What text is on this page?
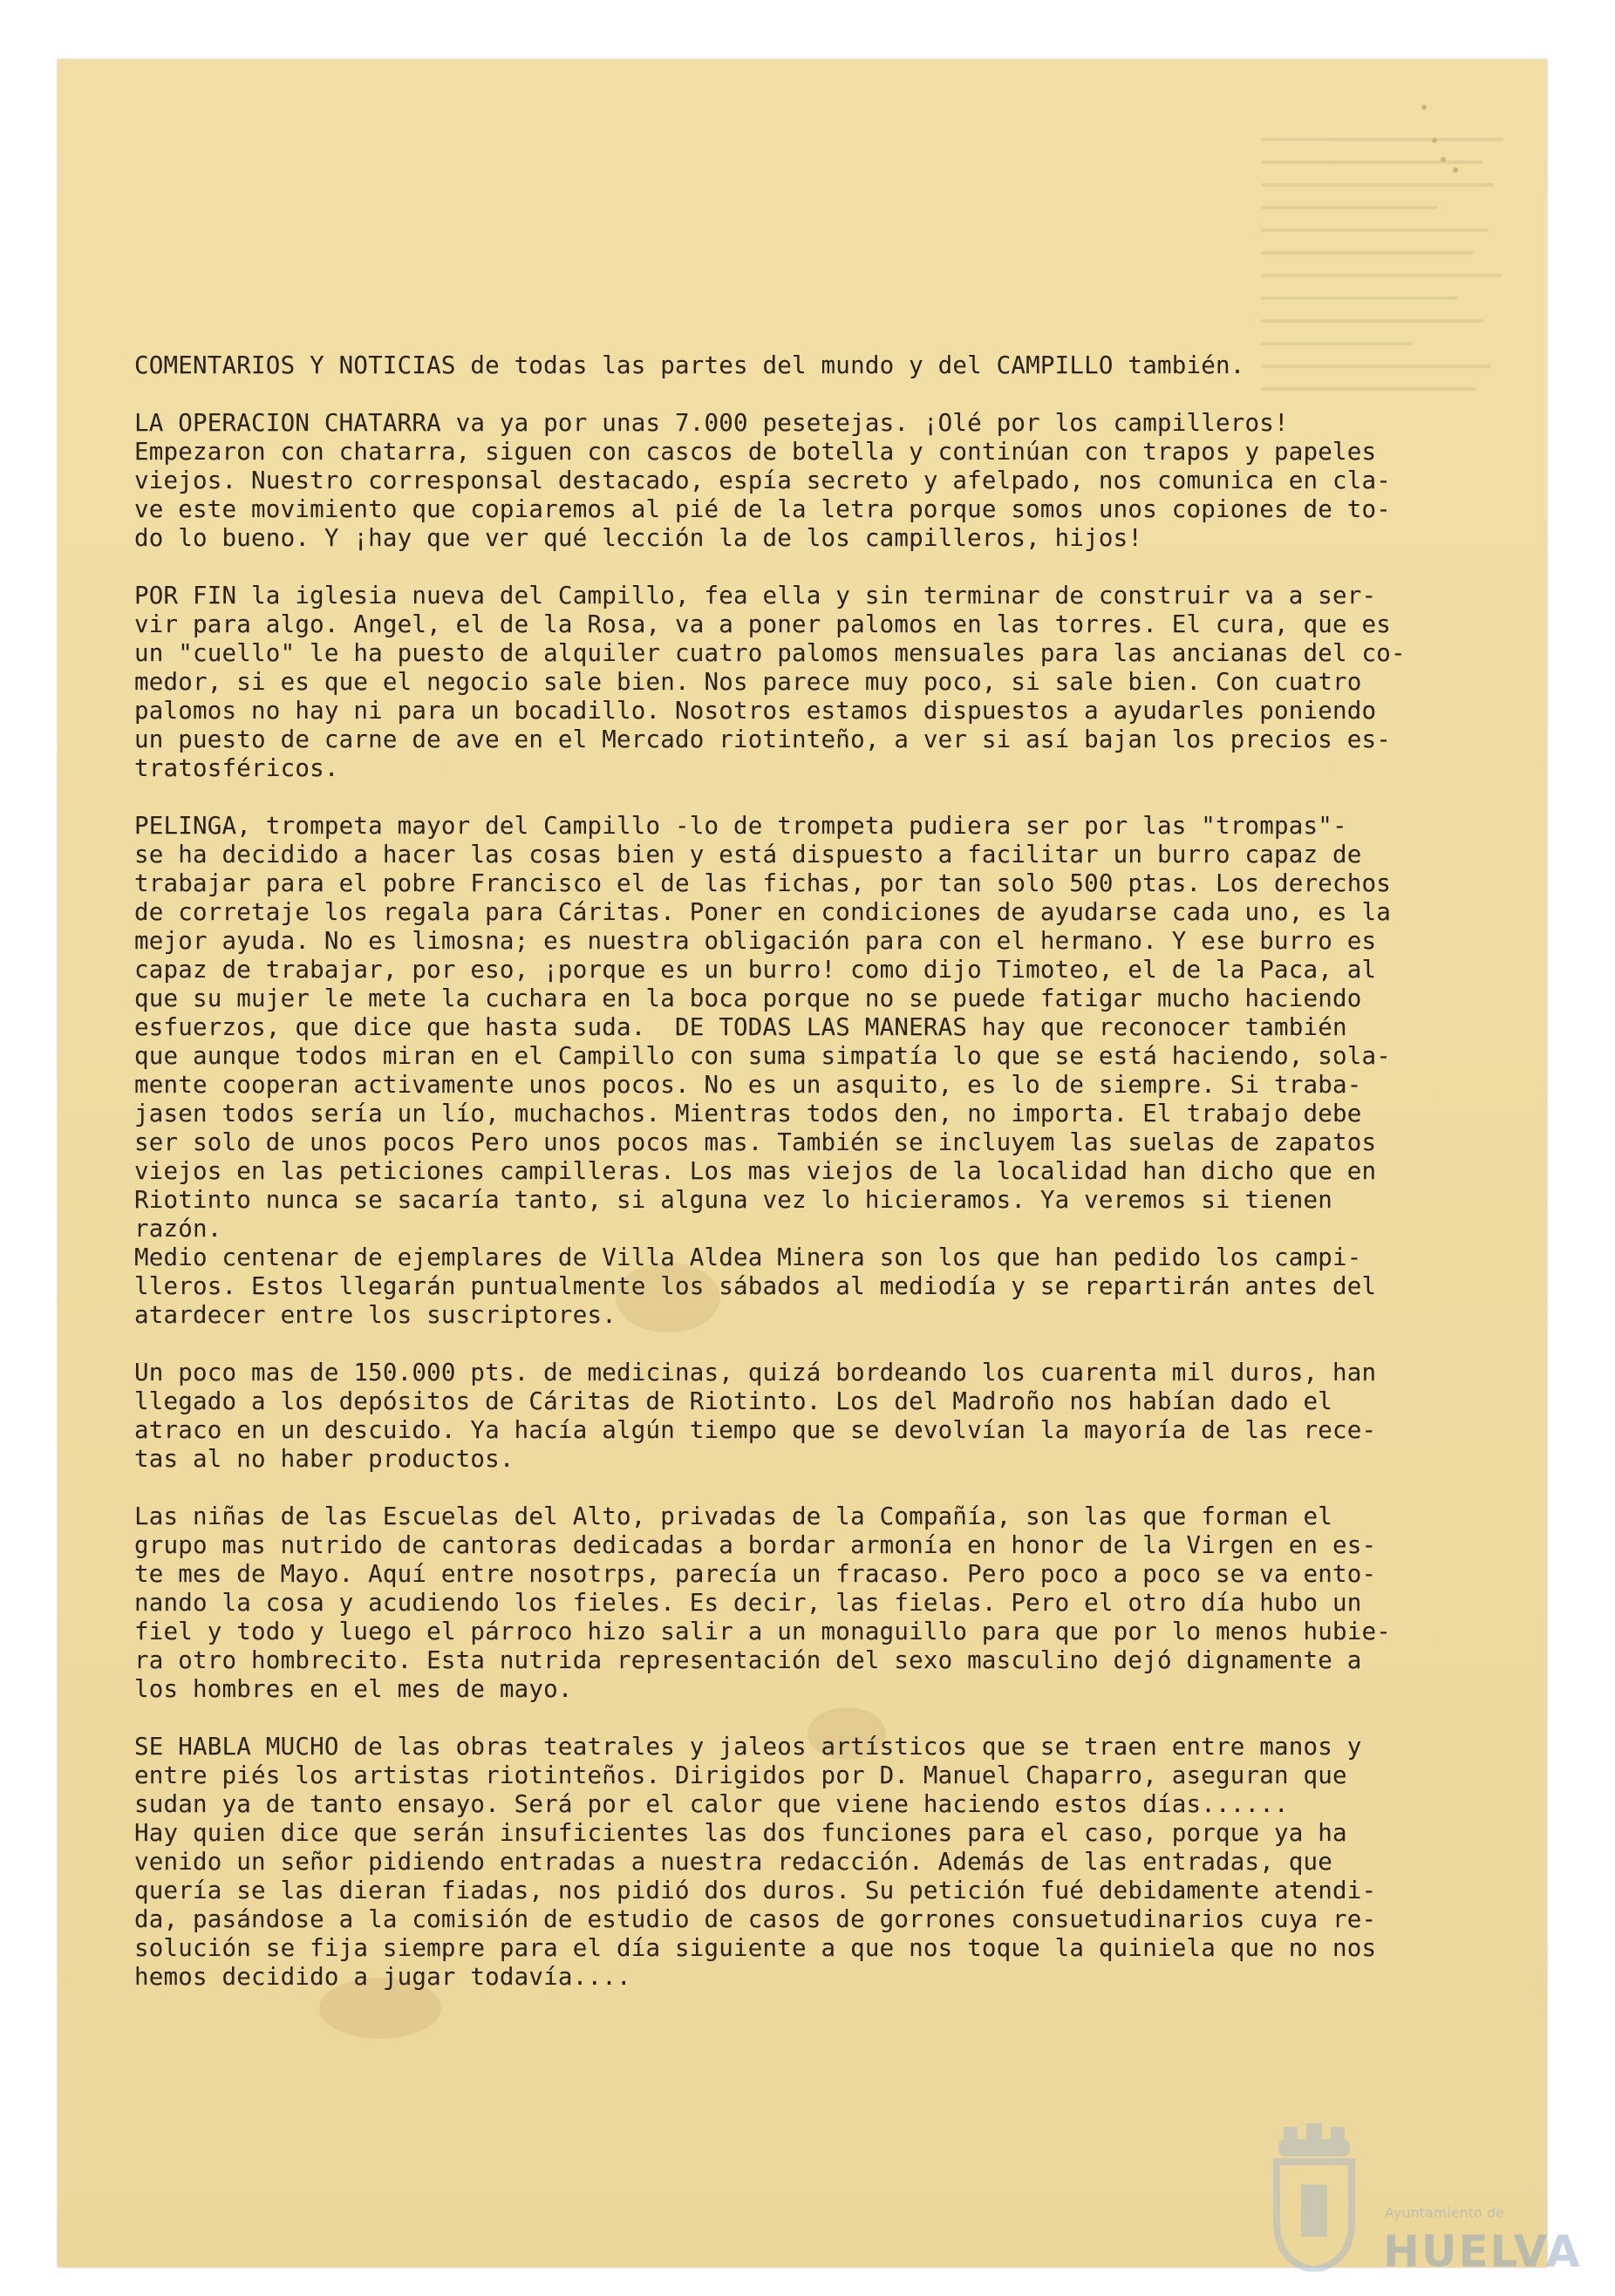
COMENTARIOS Y NOTICIAS de todas las partes del mundo y del CAMPILLO también.
LA OPERACION CHATARRA va ya por unas 7.000 pesetejas. ¡Olé por los campilleros!
Empezaron con chatarra, siguen con cascos de botella y continúan con trapos y papeles
viejos. Nuestro corresponsal destacado, espía secreto y afelpado, nos comunica en cla-
ve este movimiento que copiaremos al pié de la letra porque somos unos copiones de to-
do lo bueno. Y ¡hay que ver qué lección la de los campilleros, hijos!
POR FIN la iglesia nueva del Campillo, fea ella y sin terminar de construir va a ser-
vir para algo. Angel, el de la Rosa, va a poner palomos en las torres. El cura, que es
un "cuello" le ha puesto de alquiler cuatro palomos mensuales para las ancianas del co-
medor, si es que el negocio sale bien. Nos parece muy poco, si sale bien. Con cuatro
palomos no hay ni para un bocadillo. Nosotros estamos dispuestos a ayudarles poniendo
un puesto de carne de ave en el Mercado riotinteño, a ver si así bajan los precios es-
tratosféricos.
PELINGA, trompeta mayor del Campillo -lo de trompeta pudiera ser por las "trompas"-
se ha decidido a hacer las cosas bien y está dispuesto a facilitar un burro capaz de
trabajar para el pobre Francisco el de las fichas, por tan solo 500 ptas. Los derechos
de corretaje los regala para Cáritas. Poner en condiciones de ayudarse cada uno, es la
mejor ayuda. No es limosna; es nuestra obligación para con el hermano. Y ese burro es
capaz de trabajar, por eso, ¡porque es un burro! como dijo Timoteo, el de la Paca, al
que su mujer le mete la cuchara en la boca porque no se puede fatigar mucho haciendo
esfuerzos, que dice que hasta suda.  DE TODAS LAS MANERAS hay que reconocer también
que aunque todos miran en el Campillo con suma simpatía lo que se está haciendo, sola-
mente cooperan activamente unos pocos. No es un asquito, es lo de siempre. Si traba-
jasen todos sería un lío, muchachos. Mientras todos den, no importa. El trabajo debe
ser solo de unos pocos Pero unos pocos mas. También se incluyem las suelas de zapatos
viejos en las peticiones campilleras. Los mas viejos de la localidad han dicho que en
Riotinto nunca se sacaría tanto, si alguna vez lo hicieramos. Ya veremos si tienen
razón.
Medio centenar de ejemplares de Villa Aldea Minera son los que han pedido los campi-
lleros. Estos llegarán puntualmente los sábados al mediodía y se repartirán antes del
atardecer entre los suscriptores.
Un poco mas de 150.000 pts. de medicinas, quizá bordeando los cuarenta mil duros, han
llegado a los depósitos de Cáritas de Riotinto. Los del Madroño nos habían dado el
atraco en un descuido. Ya hacía algún tiempo que se devolvían la mayoría de las rece-
tas al no haber productos.
Las niñas de las Escuelas del Alto, privadas de la Compañía, son las que forman el
grupo mas nutrido de cantoras dedicadas a bordar armonía en honor de la Virgen en es-
te mes de Mayo. Aquí entre nosotrps, parecía un fracaso. Pero poco a poco se va ento-
nando la cosa y acudiendo los fieles. Es decir, las fielas. Pero el otro día hubo un
fiel y todo y luego el párroco hizo salir a un monaguillo para que por lo menos hubie-
ra otro hombrecito. Esta nutrida representación del sexo masculino dejó dignamente a
los hombres en el mes de mayo.
SE HABLA MUCHO de las obras teatrales y jaleos artísticos que se traen entre manos y
entre piés los artistas riotinteños. Dirigidos por D. Manuel Chaparro, aseguran que
sudan ya de tanto ensayo. Será por el calor que viene haciendo estos días......
Hay quien dice que serán insuficientes las dos funciones para el caso, porque ya ha
venido un señor pidiendo entradas a nuestra redacción. Además de las entradas, que
quería se las dieran fiadas, nos pidió dos duros. Su petición fué debidamente atendi-
da, pasándose a la comisión de estudio de casos de gorrones consuetudinarios cuya re-
solución se fija siempre para el día siguiente a que nos toque la quiniela que no nos
hemos decidido a jugar todavía....
Ayuntamiento de
HUELVA
